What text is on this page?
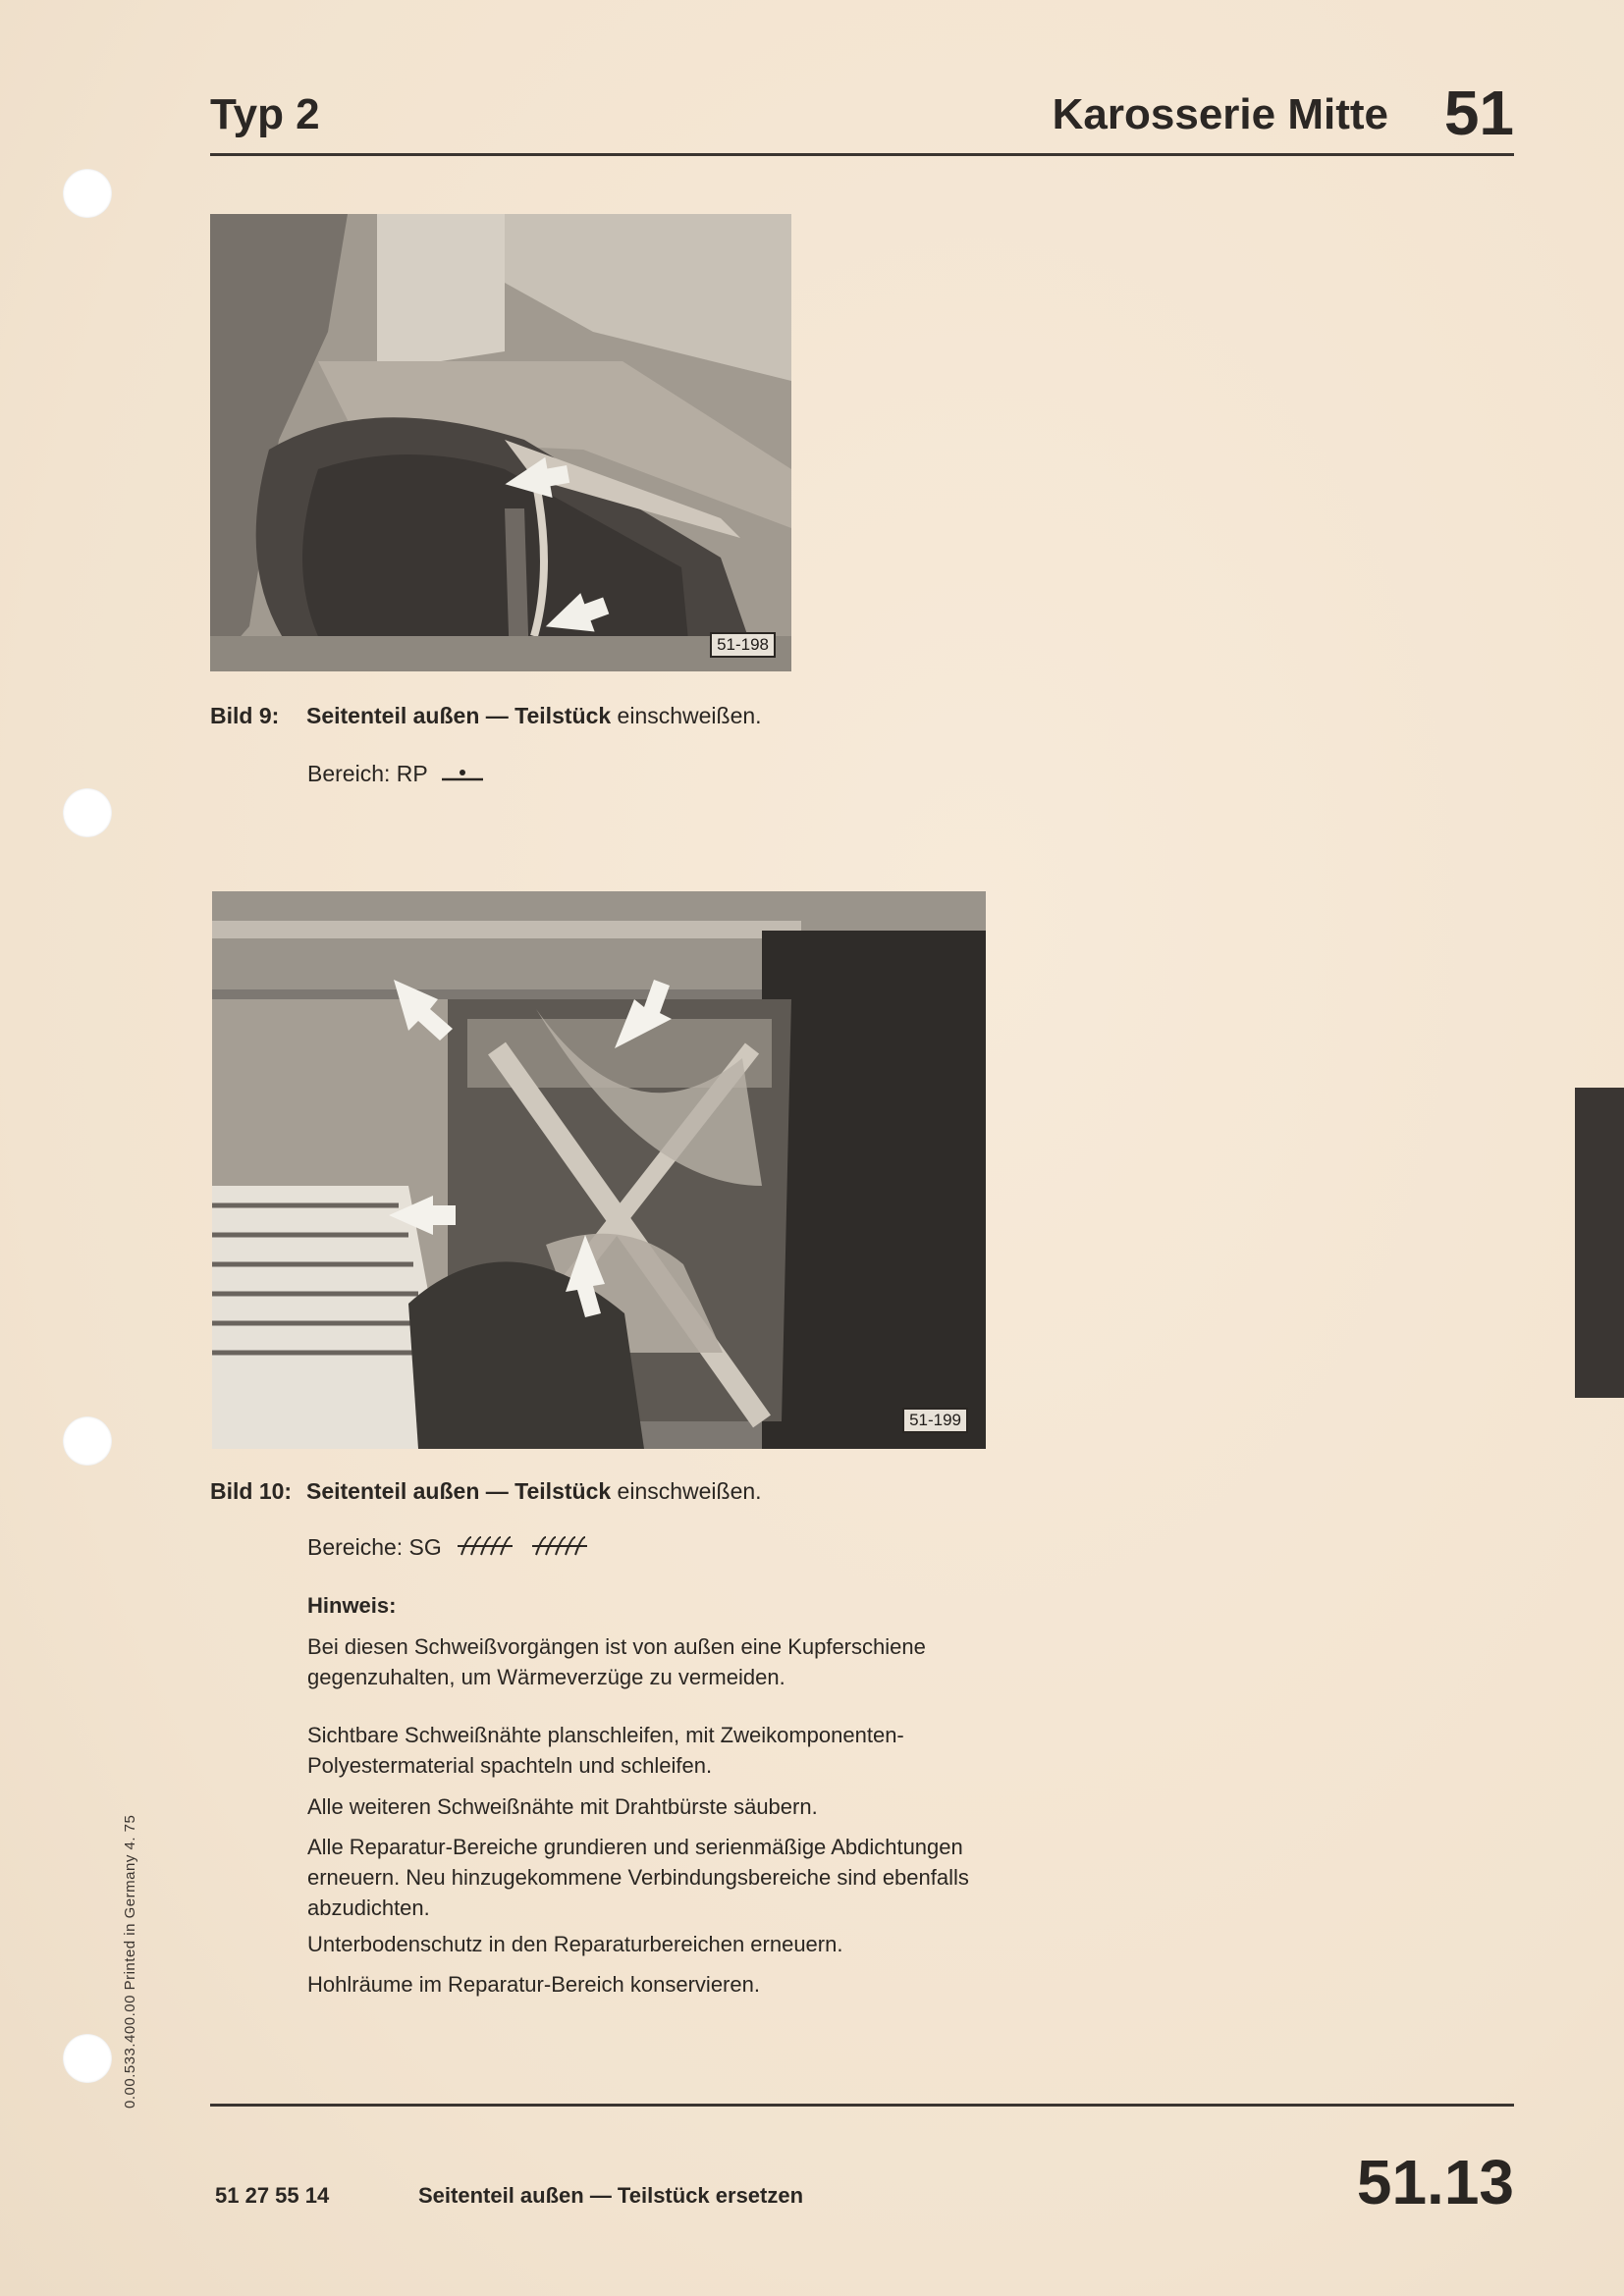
Typ 2	Karosserie Mitte 51
51-198
Bild 9: Seitenteil außen — Teilstück einschweißen.
Bereich: RP
51-199
Bild 10: Seitenteil außen — Teilstück einschweißen.
Bereiche: SG
Hinweis:
Bei diesen Schweißvorgängen ist von außen eine Kupferschiene gegenzuhalten, um Wärmeverzüge zu vermeiden.
Sichtbare Schweißnähte planschleifen, mit Zweikomponenten-Polyestermaterial spachteln und schleifen.
Alle weiteren Schweißnähte mit Drahtbürste säubern.
Alle Reparatur-Bereiche grundieren und serienmäßige Abdichtungen erneuern. Neu hinzugekommene Verbindungsbereiche sind ebenfalls abzudichten.
Unterbodenschutz in den Reparaturbereichen erneuern.
Hohlräume im Reparatur-Bereich konservieren.
0.00.533.400.00 Printed in Germany 4. 75
51 27 55 14	Seitenteil außen — Teilstück ersetzen	51.13
